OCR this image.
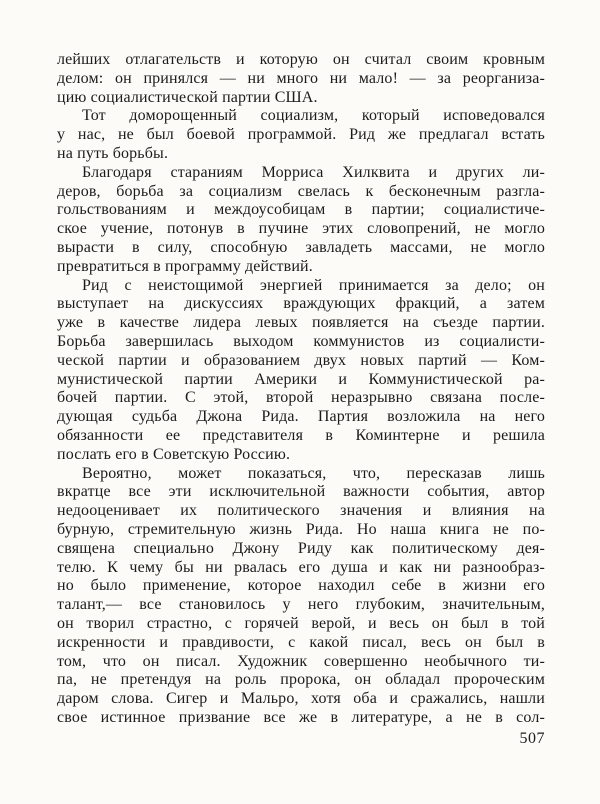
лейших отлагательств и которую он считал своим кровным
делом: он принялся — ни много ни мало! — за реорганиза-
цию социалистической партии США.
Тот доморощенный социализм, который исповедовался
у нас, не был боевой программой. Рид же предлагал встать
на путь борьбы.
Благодаря стараниям Морриса Хилквита и других ли-
деров, борьба за социализм свелась к бесконечным разгла-
гольствованиям и междоусобицам в партии; социалистиче-
ское учение, потонув в пучине этих словопрений, не могло
вырасти в силу, способную завладеть массами, не могло
превратиться в программу действий.
Рид с неистощимой энергией принимается за дело; он
выступает на дискуссиях враждующих фракций, а затем
уже в качестве лидера левых появляется на съезде партии.
Борьба завершилась выходом коммунистов из социалисти-
ческой партии и образованием двух новых партий — Ком-
мунистической партии Америки и Коммунистической ра-
бочей партии. С этой, второй неразрывно связана после-
дующая судьба Джона Рида. Партия возложила на него
обязанности ее представителя в Коминтерне и решила
послать его в Советскую Россию.
Вероятно, может показаться, что, пересказав лишь
вкратце все эти исключительной важности события, автор
недооценивает их политического значения и влияния на
бурную, стремительную жизнь Рида. Но наша книга не по-
священа специально Джону Риду как политическому дея-
телю. К чему бы ни рвалась его душа и как ни разнообраз-
но было применение, которое находил себе в жизни его
талант,— все становилось у него глубоким, значительным,
он творил страстно, с горячей верой, и весь он был в той
искренности и правдивости, с какой писал, весь он был в
том, что он писал. Художник совершенно необычного ти-
па, не претендуя на роль пророка, он обладал пророческим
даром слова. Сигер и Мальро, хотя оба и сражались, нашли
свое истинное призвание все же в литературе, а не в сол-
507
